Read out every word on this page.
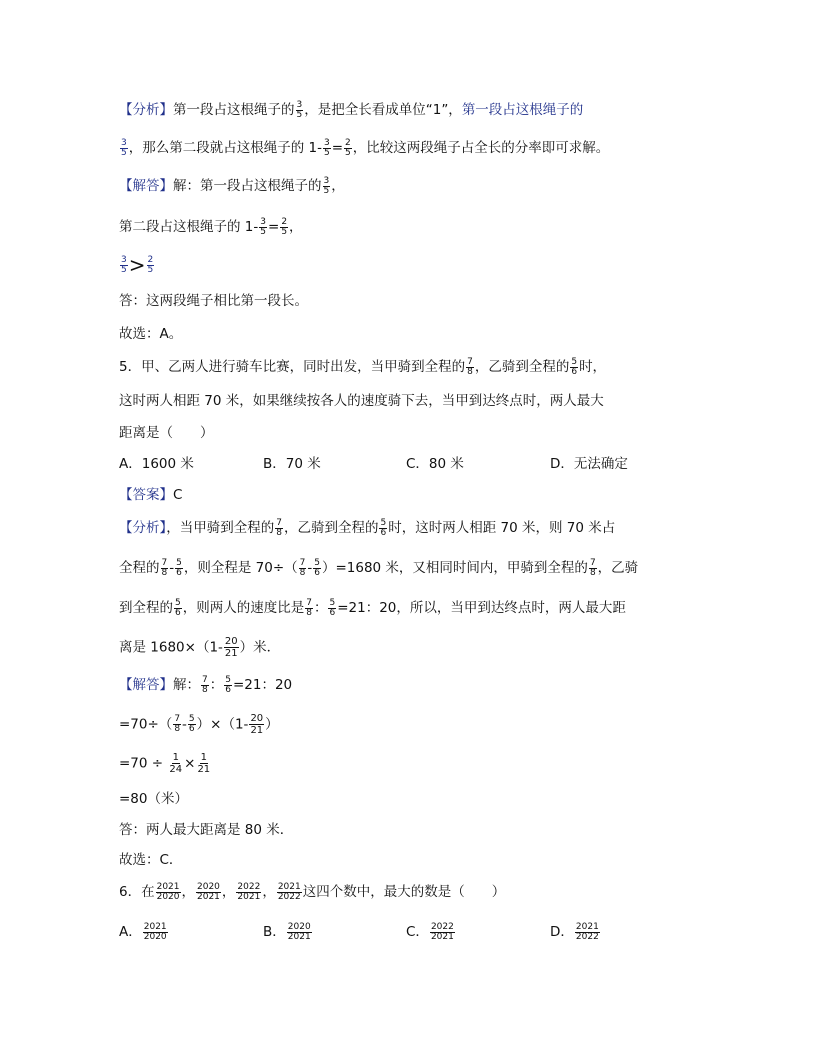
【分析】第一段占这根绳子的 $\frac{3}{5}$ ，是把全长看成单位“1”，第一段占这根绳子的
$\frac{3}{5}$ ，那么第二段就占这根绳子的 $1- \frac{3}{5} = \frac{2}{5}$ ，比较这两段绳子占全长的分率即可求解。
【解答】解：第一段占这根绳子的 $\frac{3}{5}$ ，
第二段占这根绳子的 $1- \frac{3}{5} = \frac{2}{5}$ ，
$\frac{3}{5} > \frac{2}{5}$
答：这两段绳子相比第一段长。
故选：A。
5．甲、乙两人进行骑车比赛，同时出发，当甲骑到全程的 $\frac{7}{8}$ ，乙骑到全程的 $\frac{5}{6}$ 时，
这时两人相距 70 米，如果继续按各人的速度骑下去，当甲到达终点时，两人最大
距离是（　　）
A．1600 米	B．70 米	C．80 米	D．无法确定
【答案】C
【分析】，当甲骑到全程的 $\frac{7}{8}$ ，乙骑到全程的 $\frac{5}{6}$ 时，这时两人相距 70 米，则 70 米占
全程的 $\frac{7}{8} - \frac{5}{6}$ ，则全程是 $70\div( \frac{7}{8} - \frac{5}{6} )=1680$ 米，又相同时间内，甲骑到全程的 $\frac{7}{8}$ ，乙骑
到全程的 $\frac{5}{6}$ ，则两人的速度比是 $\frac{7}{8}$ ： $\frac{5}{6} =21$：20，所以，当甲到达终点时，两人最大距
离是 $1680\times(1- \frac{20}{21}$ ）米．
【解答】解： $\frac{7}{8}$ ： $\frac{5}{6} =21$：20
$=70\div( \frac{7}{8} - \frac{5}{6} )\times(1- \frac{20}{21}$ ）
$=70 \div \frac{1}{24} \times \frac{1}{21}$
=80（米）
答：两人最大距离是 80 米．
故选：C．
6．在 $\frac{2021}{2020}$ ， $\frac{2020}{2021}$ ， $\frac{2022}{2021}$ ， $\frac{2021}{2022}$ 这四个数中，最大的数是（　　）
A． $\frac{2021}{2020}$	B． $\frac{2020}{2021}$	C． $\frac{2022}{2021}$	D． $\frac{2021}{2022}$
